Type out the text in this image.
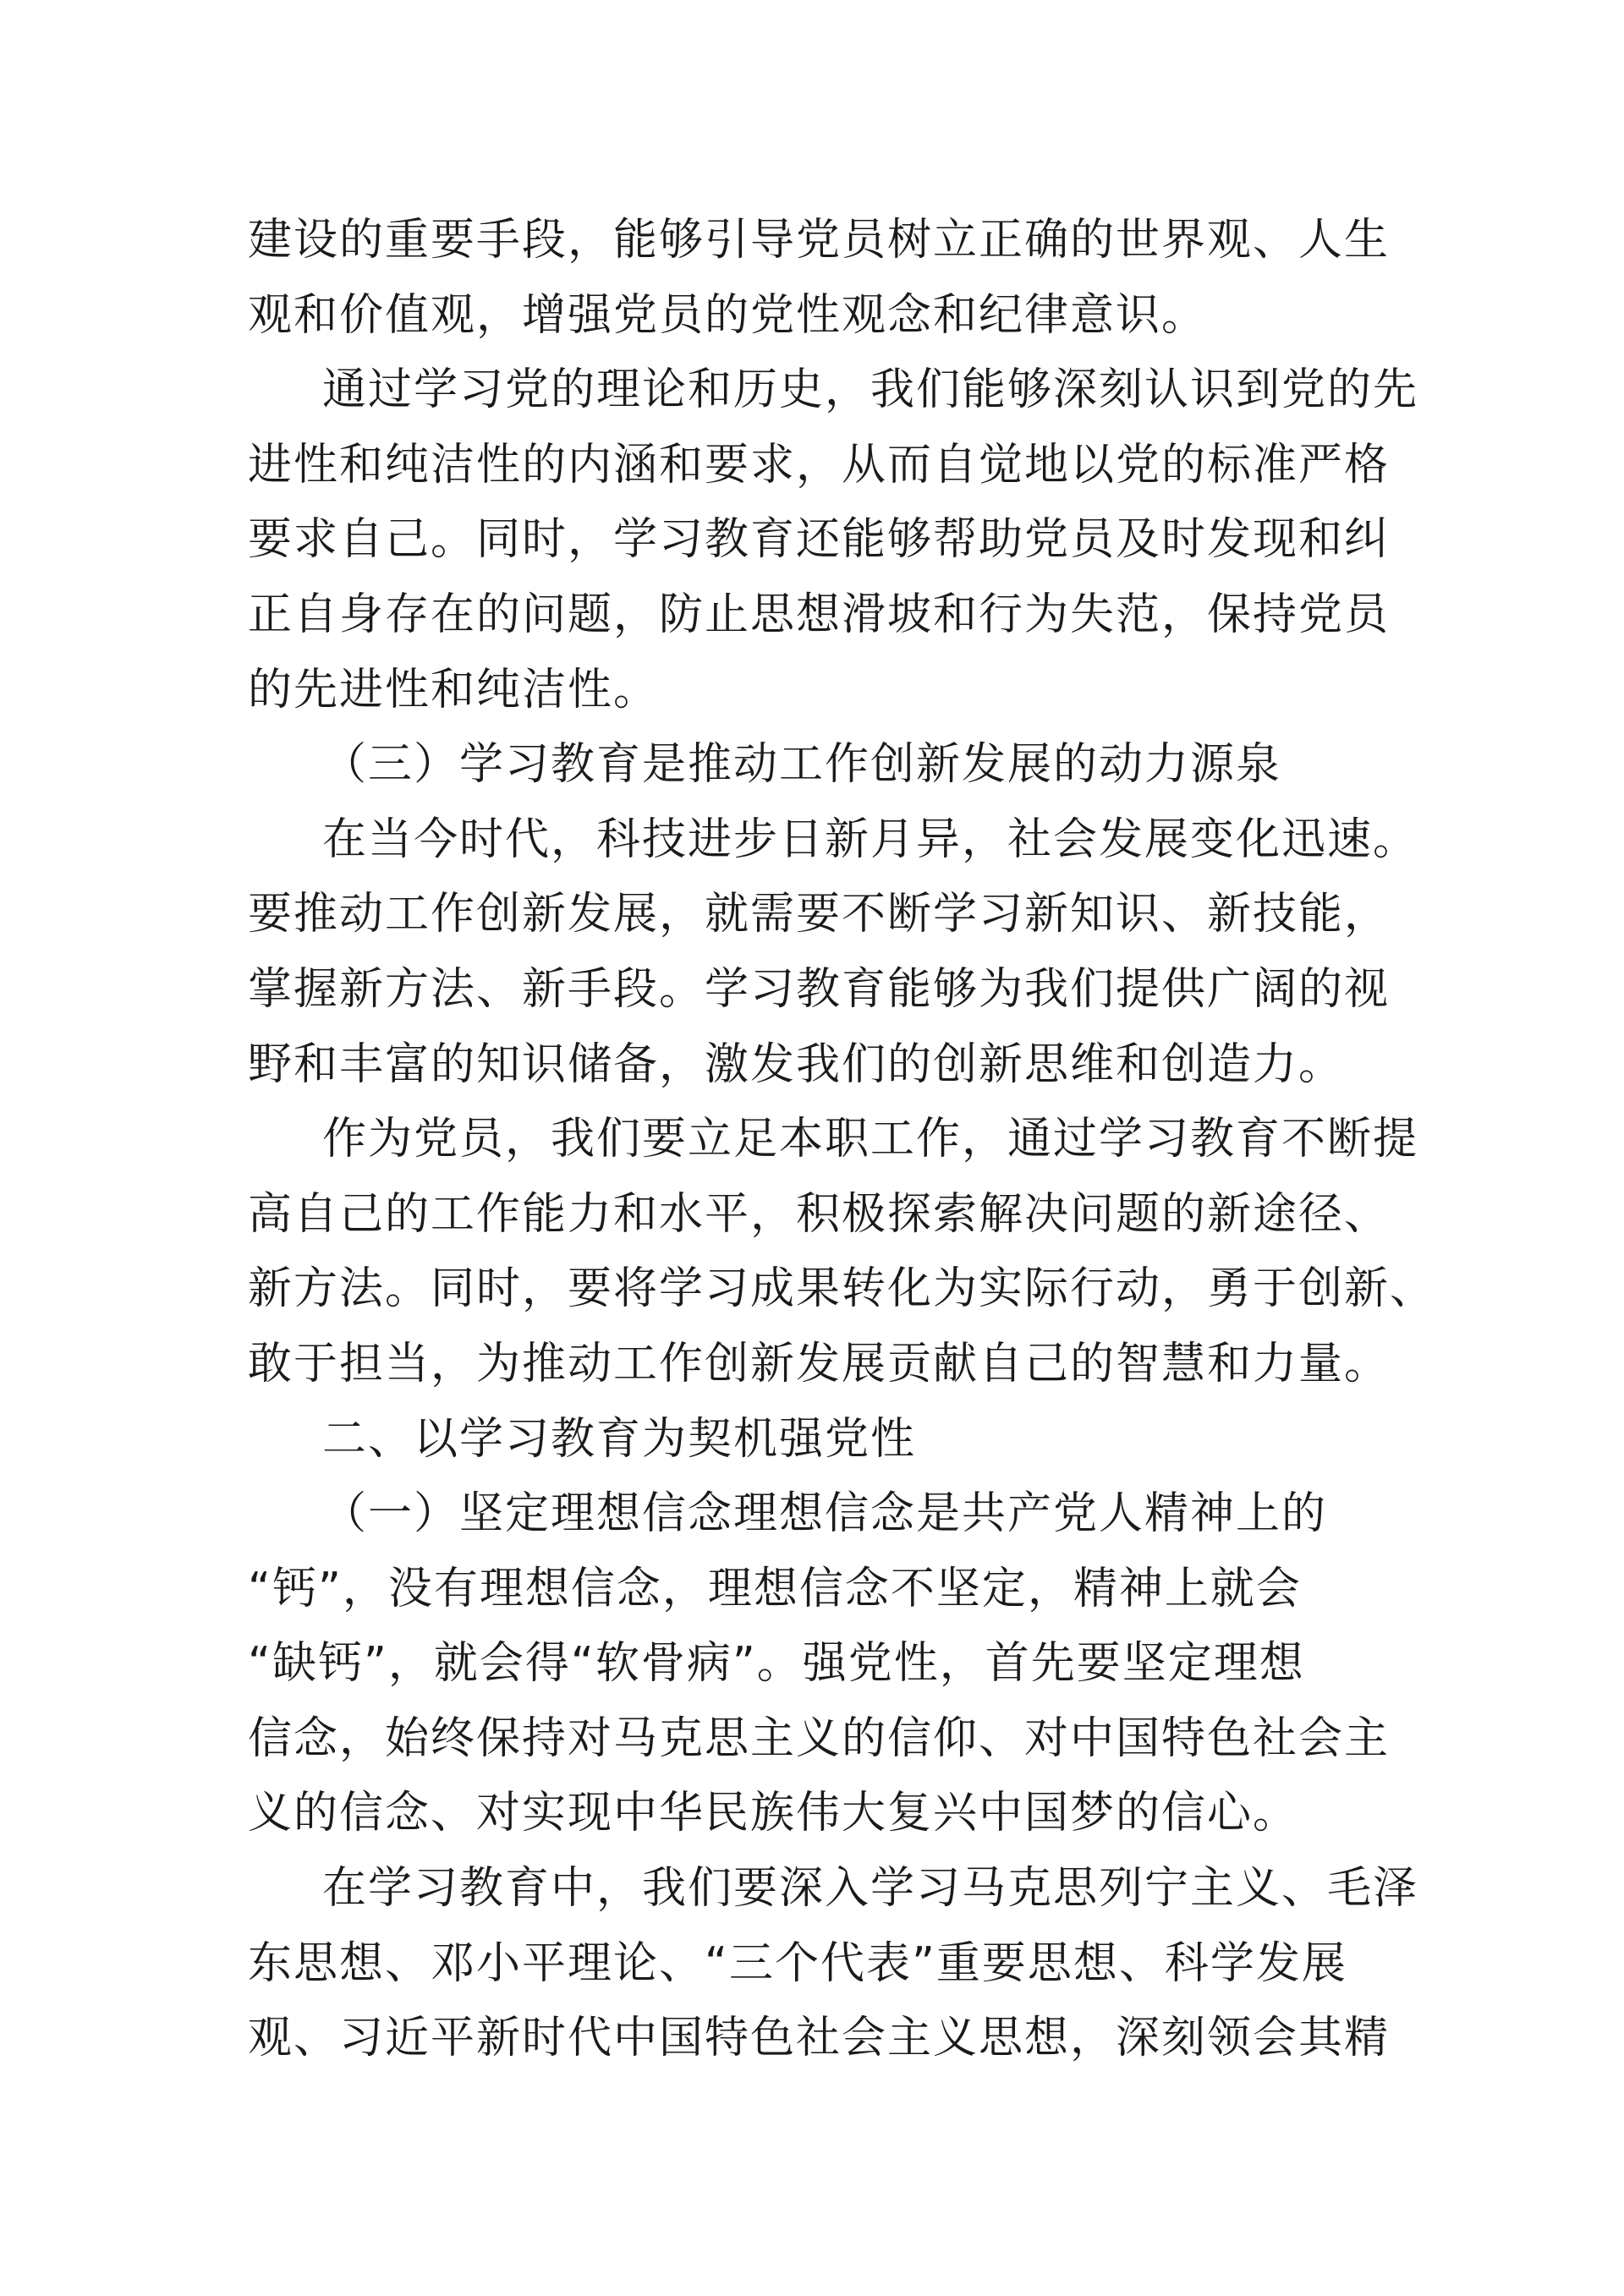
建设的重要手段，能够引导党员树立正确的世界观、人生
观和价值观，增强党员的党性观念和纪律意识。
通过学习党的理论和历史，我们能够深刻认识到党的先
进性和纯洁性的内涵和要求，从而自觉地以党的标准严格
要求自己。同时，学习教育还能够帮助党员及时发现和纠
正自身存在的问题，防止思想滑坡和行为失范，保持党员
的先进性和纯洁性。
（三）学习教育是推动工作创新发展的动力源泉
在当今时代，科技进步日新月异，社会发展变化迅速。
要推动工作创新发展，就需要不断学习新知识、新技能，
掌握新方法、新手段。学习教育能够为我们提供广阔的视
野和丰富的知识储备，激发我们的创新思维和创造力。
作为党员，我们要立足本职工作，通过学习教育不断提
高自己的工作能力和水平，积极探索解决问题的新途径、
新方法。同时，要将学习成果转化为实际行动，勇于创新、
敢于担当，为推动工作创新发展贡献自己的智慧和力量。
二、以学习教育为契机强党性
（一）坚定理想信念理想信念是共产党人精神上的
“钙”，没有理想信念，理想信念不坚定，精神上就会
“缺钙”，就会得“软骨病”。强党性，首先要坚定理想
信念，始终保持对马克思主义的信仰、对中国特色社会主
义的信念、对实现中华民族伟大复兴中国梦的信心。
在学习教育中，我们要深入学习马克思列宁主义、毛泽
东思想、邓小平理论、“三个代表”重要思想、科学发展
观、习近平新时代中国特色社会主义思想，深刻领会其精
